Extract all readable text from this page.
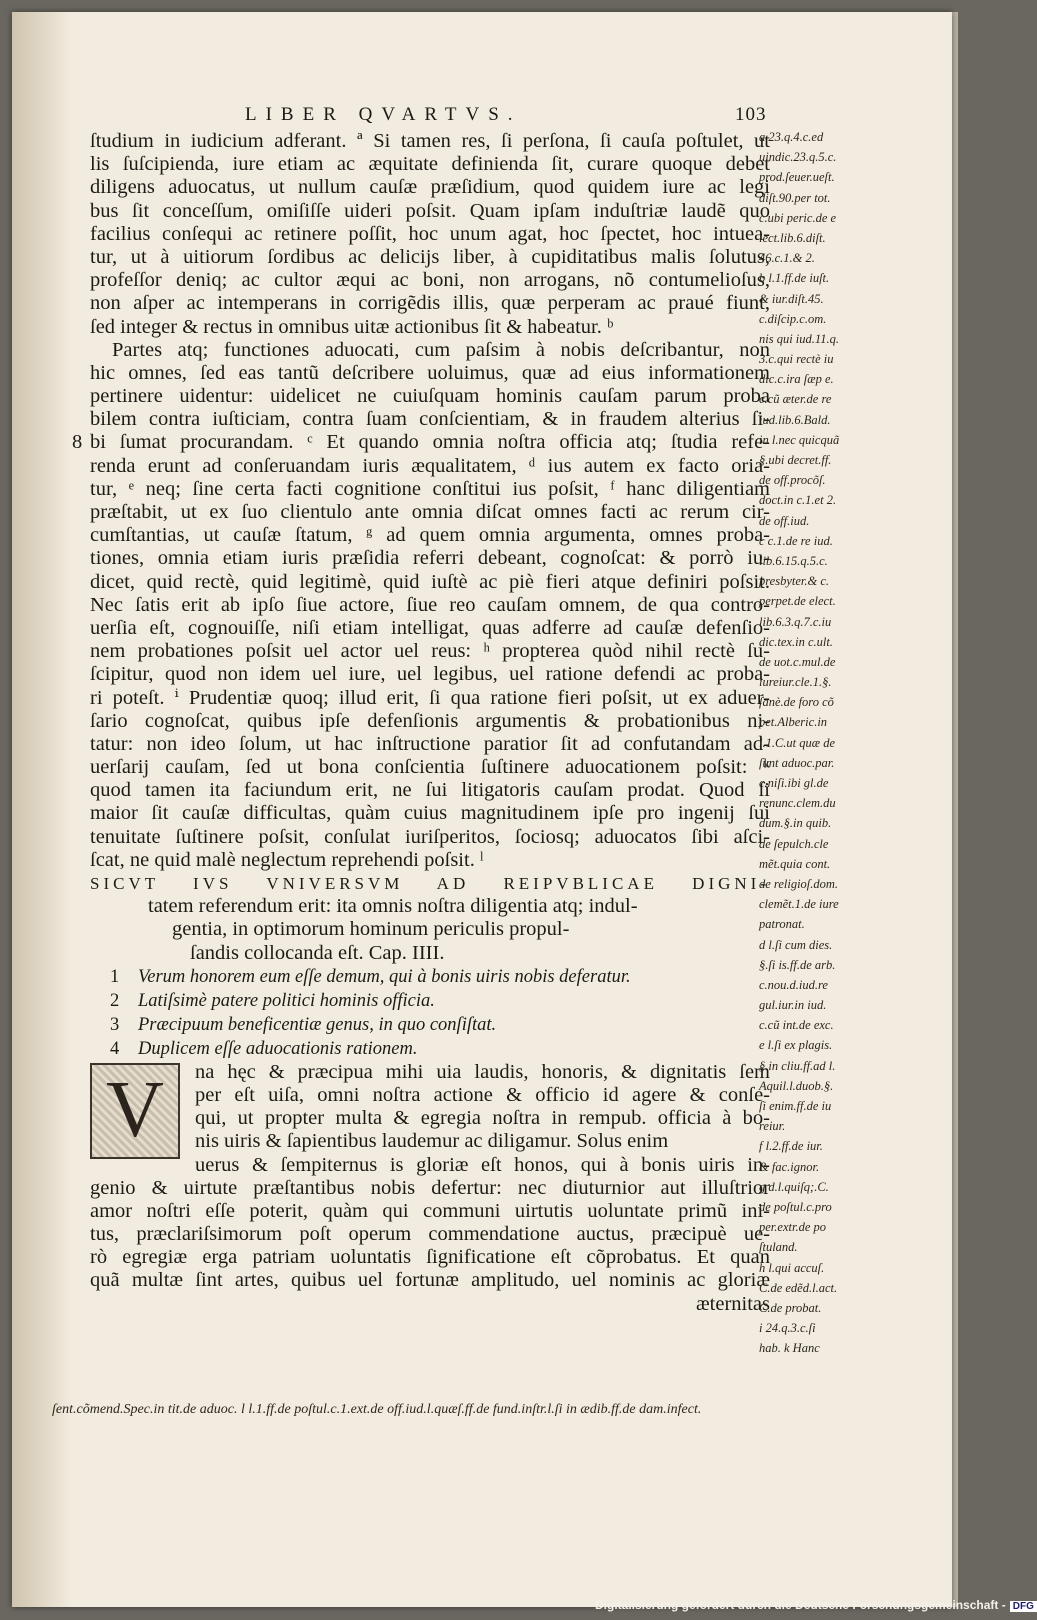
LIBER QVARTVS.	103
ſtudium in iudicium adferant. ª Si tamen res, ſi perſona, ſi cauſa poſtulet, ut
lis ſuſcipienda, iure etiam ac æquitate definienda ſit, curare quoque debet
diligens aduocatus, ut nullum cauſæ præſidium, quod quidem iure ac legi
bus ſit conceſſum, omiſiſſe uideri poſsit. Quam ipſam induſtriæ laudẽ quo
facilius conſequi ac retinere poſſit, hoc unum agat, hoc ſpectet, hoc intuea-
tur, ut à uitiorum ſordibus ac delicijs liber, à cupiditatibus malis ſolutus,
profeſſor deniq; ac cultor æqui ac boni, non arrogans, nõ contumelioſus,
non aſper ac intemperans in corrigẽdis illis, quæ perperam ac praué fiunt,
ſed integer & rectus in omnibus uitæ actionibus ſit & habeatur. ᵇ
Partes atq; functiones aduocati, cum paſsim à nobis deſcribantur, non
hic omnes, ſed eas tantũ deſcribere uoluimus, quæ ad eius informationem
pertinere uidentur: uidelicet ne cuiuſquam hominis cauſam parum proba
bilem contra iuſticiam, contra ſuam conſcientiam, & in fraudem alterius ſi-
bi ſumat procurandam. ᶜ Et quando omnia noſtra officia atq; ſtudia refe-
8
renda erunt ad conſeruandam iuris æqualitatem, ᵈ ius autem ex facto oria-
tur, ᵉ neq; ſine certa facti cognitione conſtitui ius poſsit, ᶠ hanc diligentiam
præſtabit, ut ex ſuo clientulo ante omnia diſcat omnes facti ac rerum cir-
cumſtantias, ut cauſæ ſtatum, ᵍ ad quem omnia argumenta, omnes proba-
tiones, omnia etiam iuris præſidia referri debeant, cognoſcat: & porrò iu-
dicet, quid rectè, quid legitimè, quid iuſtè ac piè fieri atque definiri poſsit.
Nec ſatis erit ab ipſo ſiue actore, ſiue reo cauſam omnem, de qua contro-
uerſia eſt, cognouiſſe, niſi etiam intelligat, quas adferre ad cauſæ defenſio-
nem probationes poſsit uel actor uel reus: ʰ propterea quòd nihil rectè ſu-
ſcipitur, quod non idem uel iure, uel legibus, uel ratione defendi ac proba-
ri poteſt. ⁱ Prudentiæ quoq; illud erit, ſi qua ratione fieri poſsit, ut ex aduer-
ſario cognoſcat, quibus ipſe defenſionis argumentis & probationibus ni-
tatur: non ideo ſolum, ut hac inſtructione paratior ſit ad confutandam ad-
uerſarij cauſam, ſed ut bona conſcientia ſuſtinere aduocationem poſsit: ᵏ
quod tamen ita faciundum erit, ne ſui litigatoris cauſam prodat. Quod ſi
maior ſit cauſæ difficultas, quàm cuius magnitudinem ipſe pro ingenij ſui
tenuitate ſuſtinere poſsit, conſulat iuriſperitos, ſociosq; aduocatos ſibi aſci-
ſcat, ne quid malè neglectum reprehendi poſsit. ˡ
SICVT IVS VNIVERSVM AD REIPVBLICAE DIGNI-
tatem referendum erit: ita omnis noſtra diligentia atq; indul-
gentia, in optimorum hominum periculis propul-
ſandis collocanda eſt. Cap. IIII.
1 Verum honorem eum eſſe demum, qui à bonis uiris nobis deferatur.
2 Latiſsimè patere politici hominis officia.
3 Præcipuum beneficentiæ genus, in quo conſiſtat.
4 Duplicem eſſe aduocationis rationem.
V	na hęc & præcipua mihi uia laudis, honoris, & dignitatis ſem
per eſt uiſa, omni noſtra actione & officio id agere & conſe-
qui, ut propter multa & egregia noſtra in rempub. officia à bo-
nis uiris & ſapientibus laudemur ac diligamur. Solus enim
uerus & ſempiternus is gloriæ eſt honos, qui à bonis uiris in-
genio & uirtute præſtantibus nobis defertur: nec diuturnior aut illuſtrior
amor noſtri eſſe poterit, quàm qui communi uirtutis uoluntate primũ ini-
tus, præclariſsimorum poſt operum commendatione auctus, præcipuè ue-
rò egregiæ erga patriam uoluntatis ſignificatione eſt cõprobatus. Et quan
quã multæ ſint artes, quibus uel fortunæ amplitudo, uel nominis ac gloriæ
æternitas
a 23.q.4.c.ed
uindic.23.q.5.c.
prod.ſeuer.ueſt.
diſt.90.per tot.
c.ubi peric.de e
lect.lib.6.diſt.
46.c.1.& 2.
b l.1.ff.de iuſt.
& iur.diſt.45.
c.diſcip.c.om.
nis qui iud.11.q.
3.c.qui rectè iu
dic.c.ira ſæp e.
c.cũ æter.de re
iud.lib.6.Bald.
in l.nec quicquã
§.ubi decret.ff.
de off.procõſ.
doct.in c.1.et 2.
de off.iud.
c c.1.de re iud.
lib.6.15.q.5.c.
presbyter.& c.
perpet.de elect.
lib.6.3.q.7.c.iu
dic.tex.in c.ult.
de uot.c.mul.de
iureiur.cle.1.§.
ſanè.de foro cõ
pet.Alberic.in
l.1.C.ut quæ de
ſunt aduoc.par.
c.niſi.ibi gl.de
renunc.clem.du
dum.§.in quib.
de ſepulch.cle
mẽt.quia cont.
de religioſ.dom.
clemẽt.1.de iure
patronat.
d l.ſi cum dies.
§.ſi is.ff.de arb.
c.nou.d.iud.re
gul.iur.in iud.
c.cũ int.de exc.
e l.ſi ex plagis.
§.in cliu.ff.ad l.
Aquil.l.duob.§.
ſi enim.ff.de iu
reiur.
f l.2.ff.de iur.
& fac.ignor.
g d.l.quiſq;.C.
de poſtul.c.pro
per.extr.de po
ſtuland.
h l.qui accuſ.
C.de edẽd.l.act.
C.de probat.
i 24.q.3.c.ſi
hab. k Hanc
ſent.cõmend.Spec.in tit.de aduoc. l l.1.ff.de poſtul.c.1.ext.de off.iud.l.quæſ.ff.de fund.inſtr.l.ſi in ædib.ff.de dam.infect.
Digitalisierung gefördert durch die Deutsche Forschungsgemeinschaft - DFG
